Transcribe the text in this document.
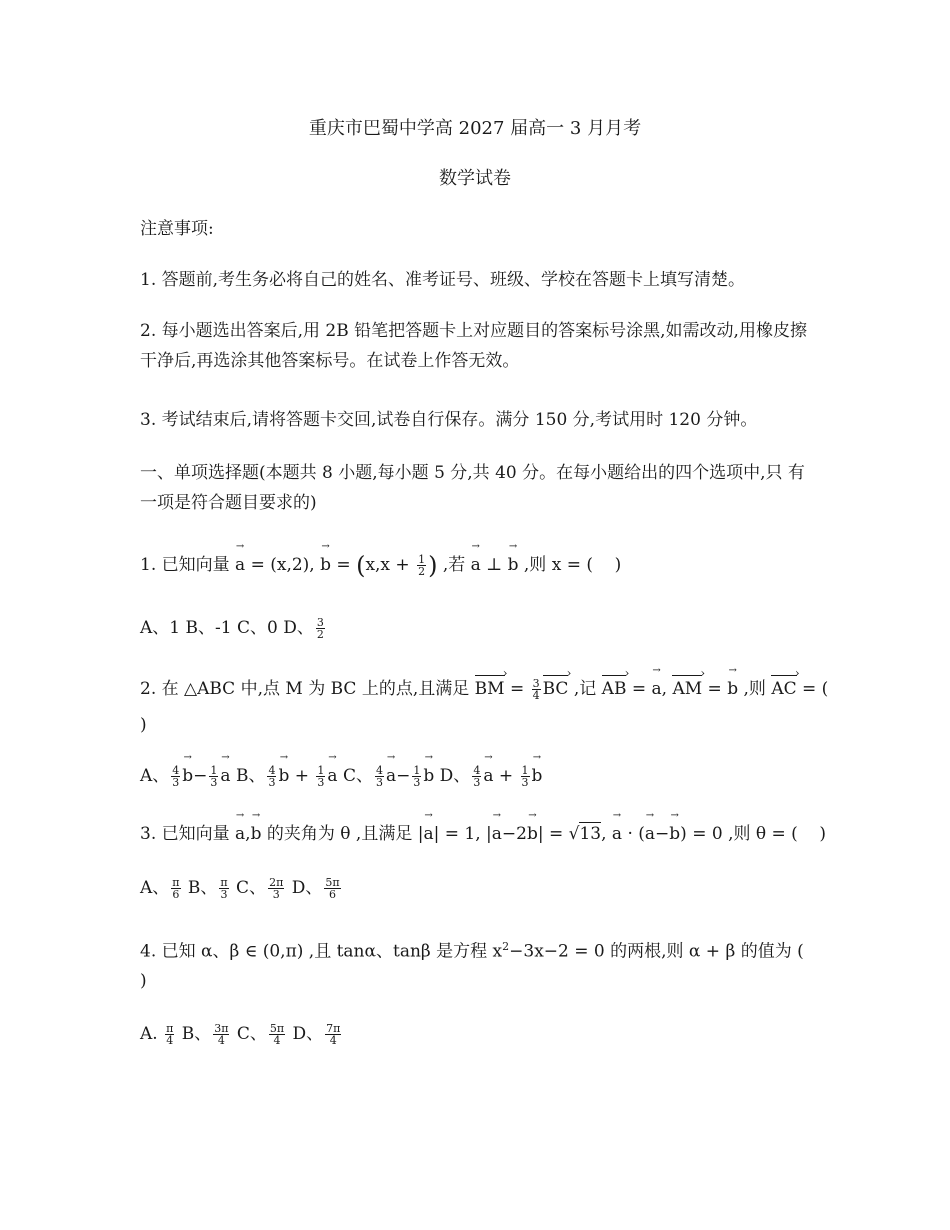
重庆市巴蜀中学高 2027 届高一 3 月月考
数学试卷
注意事项:
1. 答题前,考生务必将自己的姓名、准考证号、班级、学校在答题卡上填写清楚。
2. 每小题选出答案后,用 2B 铅笔把答题卡上对应题目的答案标号涂黑,如需改动,用橡皮擦干净后,再选涂其他答案标号。在试卷上作答无效。
3. 考试结束后,请将答题卡交回,试卷自行保存。满分 150 分,考试用时 120 分钟。
一、单项选择题(本题共 8 小题,每小题 5 分,共 40 分。在每小题给出的四个选项中,只 有一项是符合题目要求的)
1. 已知向量 → a = (x,2), → $b = (x,x + \frac{1}{2}$ ) ,若 → a ⊥ → b ,则 x = (    )
A、1 B、-1 C、0 D、 $\frac{3}{2}$
2. 在 △ABC 中,点 M 为 BC 上的点,且满足 BM › = $\frac{3}{4}$ BC › ,记 AB › = → a, AM › = → b ,则 AC › = (
)
A、 $\frac{4}{3}$
→ $b- \frac{1}{3}$
→ a B、 $\frac{4}{3}$
→ $b + \frac{1}{3}$
→ a C、 $\frac{4}{3}$
→ $a- \frac{1}{3}$
→ b D、 $\frac{4}{3}$
→ $a + \frac{1}{3}$
→ b
3. 已知向量 → a,→ b 的夹角为 θ ,且满足 |→ a| = 1, |→ a−2→ b| = √13, → a · (→ a−→ b) = 0 ,则 θ = (    )
A、 $\frac{\pi}{6}$ B、 $\frac{\pi}{3}$ C、 $\frac{2\pi}{3}$ D、 $\frac{5\pi}{6}$
4. 已知 α、β ∈ (0,π) ,且 tanα、tanβ 是方程 $x^2-3x-2 = 0$ 的两根,则 α + β 的值为 (
)
A. $\frac{\pi}{4}$ B、 $\frac{3\pi}{4}$ C、 $\frac{5\pi}{4}$ D、 $\frac{7\pi}{4}$
